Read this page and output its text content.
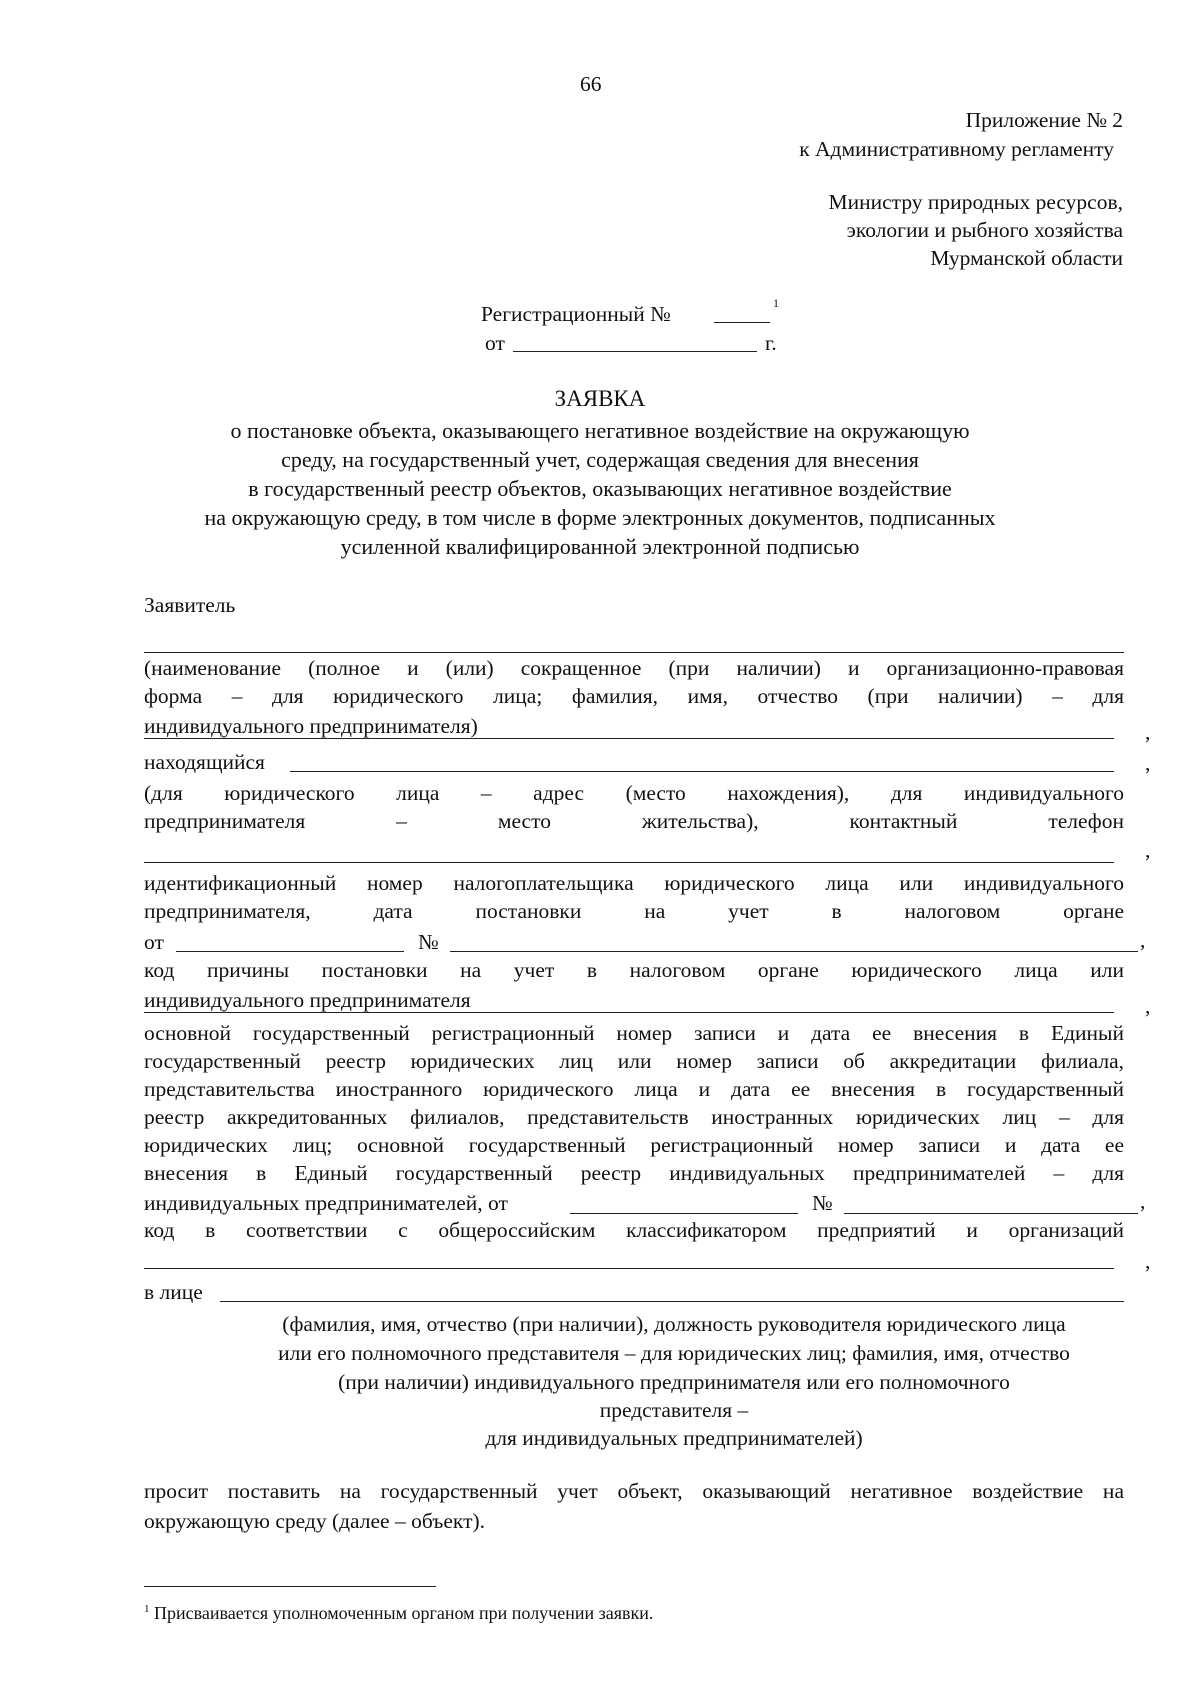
66
Приложение № 2
к Административному регламенту
Министру природных ресурсов,
экологии и рыбного хозяйства
Мурманской области
Регистрационный №	1
от	г.
ЗАЯВКА
о постановке объекта, оказывающего негативное воздействие на окружающую
среду, на государственный учет, содержащая сведения для внесения
в государственный реестр объектов, оказывающих негативное воздействие
на окружающую среду, в том числе в форме электронных документов, подписанных
усиленной квалифицированной электронной подписью
Заявитель
(наименование (полное и (или) сокращенное (при наличии) и организационно-правовая
форма – для юридического лица; фамилия, имя, отчество (при наличии) – для
индивидуального предпринимателя)	,
находящийся	,
(для юридического лица – адрес (место нахождения), для индивидуального
предпринимателя – место жительства), контактный телефон
,
идентификационный номер налогоплательщика юридического лица или индивидуального
предпринимателя, дата постановки на учет в налоговом органе
от	№	,
код причины постановки на учет в налоговом органе юридического лица или
индивидуального предпринимателя	,
основной государственный регистрационный номер записи и дата ее внесения в Единый
государственный реестр юридических лиц или номер записи об аккредитации филиала,
представительства иностранного юридического лица и дата ее внесения в государственный
реестр аккредитованных филиалов, представительств иностранных юридических лиц – для
юридических лиц; основной государственный регистрационный номер записи и дата ее
внесения в Единый государственный реестр индивидуальных предпринимателей – для
индивидуальных предпринимателей, от	№	,
код в соответствии с общероссийским классификатором предприятий и организаций
,
в лице
(фамилия, имя, отчество (при наличии), должность руководителя юридического лица
или его полномочного представителя – для юридических лиц; фамилия, имя, отчество
(при наличии) индивидуального предпринимателя или его полномочного
представителя –
для индивидуальных предпринимателей)
просит поставить на государственный учет объект, оказывающий негативное воздействие на
окружающую среду (далее – объект).
$^1$ Присваивается уполномоченным органом при получении заявки.
